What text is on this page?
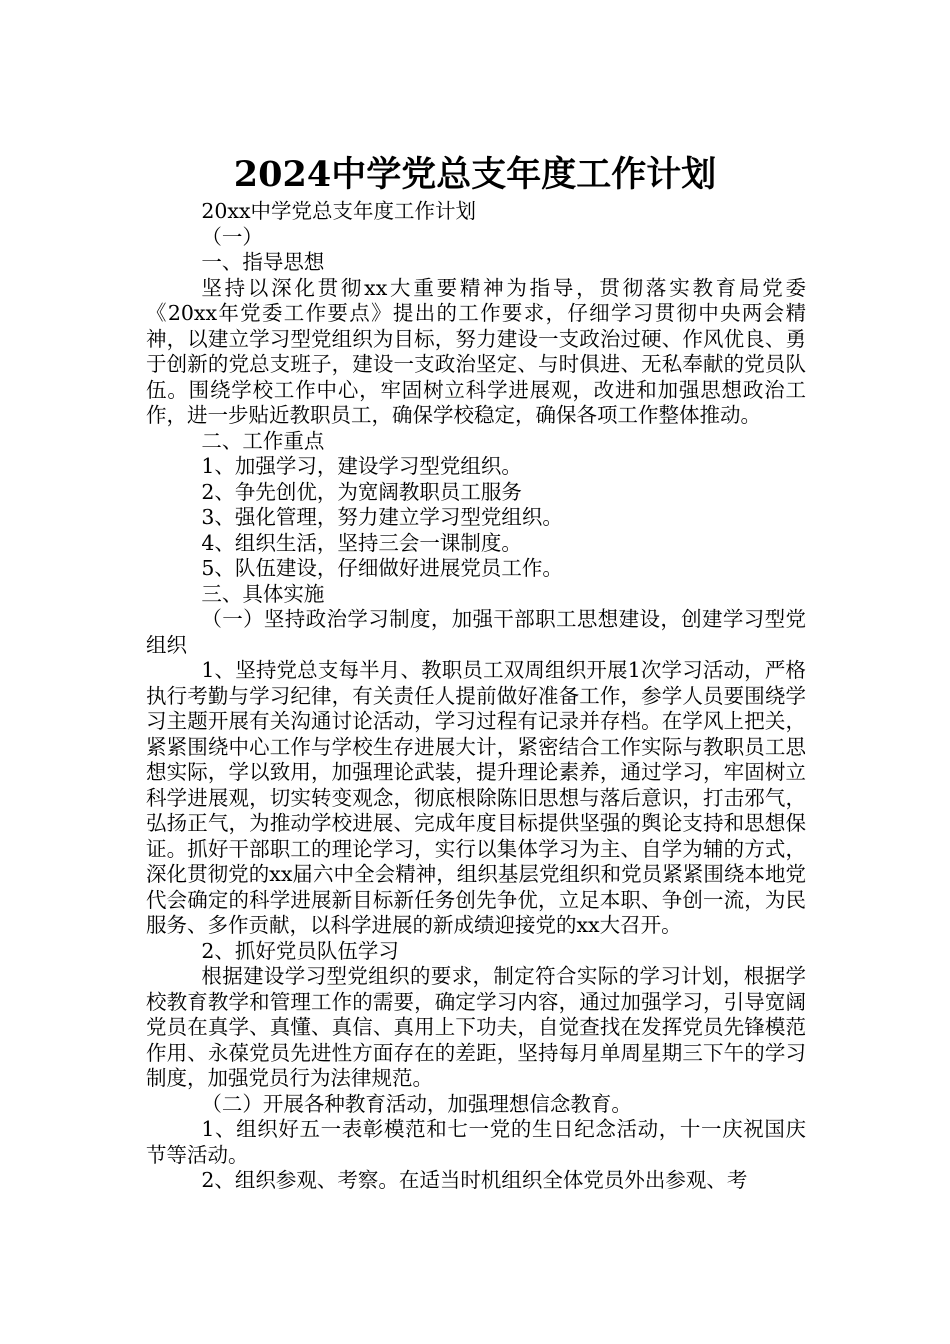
2024中学党总支年度工作计划

20xx中学党总支年度工作计划

（一）

一、指导思想

坚持以深化贯彻xx大重要精神为指导，贯彻落实教育局党委《20xx年党委工作要点》提出的工作要求，仔细学习贯彻中央两会精神，以建立学习型党组织为目标，努力建设一支政治过硬、作风优良、勇于创新的党总支班子，建设一支政治坚定、与时俱进、无私奉献的党员队伍。围绕学校工作中心，牢固树立科学进展观，改进和加强思想政治工作，进一步贴近教职员工，确保学校稳定，确保各项工作整体推动。

二、工作重点

1、加强学习，建设学习型党组织。

2、争先创优，为宽阔教职员工服务

3、强化管理，努力建立学习型党组织。

4、组织生活，坚持三会一课制度。

5、队伍建设，仔细做好进展党员工作。

三、具体实施

（一）坚持政治学习制度，加强干部职工思想建设，创建学习型党组织

1、坚持党总支每半月、教职员工双周组织开展1次学习活动，严格执行考勤与学习纪律，有关责任人提前做好准备工作，参学人员要围绕学习主题开展有关沟通讨论活动，学习过程有记录并存档。在学风上把关，紧紧围绕中心工作与学校生存进展大计，紧密结合工作实际与教职员工思想实际，学以致用，加强理论武装，提升理论素养，通过学习，牢固树立科学进展观，切实转变观念，彻底根除陈旧思想与落后意识，打击邪气，弘扬正气，为推动学校进展、完成年度目标提供坚强的舆论支持和思想保证。抓好干部职工的理论学习，实行以集体学习为主、自学为辅的方式，深化贯彻党的xx届六中全会精神，组织基层党组织和党员紧紧围绕本地党代会确定的科学进展新目标新任务创先争优，立足本职、争创一流，为民服务、多作贡献，以科学进展的新成绩迎接党的xx大召开。

2、抓好党员队伍学习

根据建设学习型党组织的要求，制定符合实际的学习计划，根据学校教育教学和管理工作的需要，确定学习内容，通过加强学习，引导宽阔党员在真学、真懂、真信、真用上下功夫，自觉查找在发挥党员先锋模范作用、永葆党员先进性方面存在的差距，坚持每月单周星期三下午的学习制度，加强党员行为法律规范。

（二）开展各种教育活动，加强理想信念教育。

1、组织好五一表彰模范和七一党的生日纪念活动，十一庆祝国庆节等活动。

2、组织参观、考察。在适当时机组织全体党员外出参观、考
